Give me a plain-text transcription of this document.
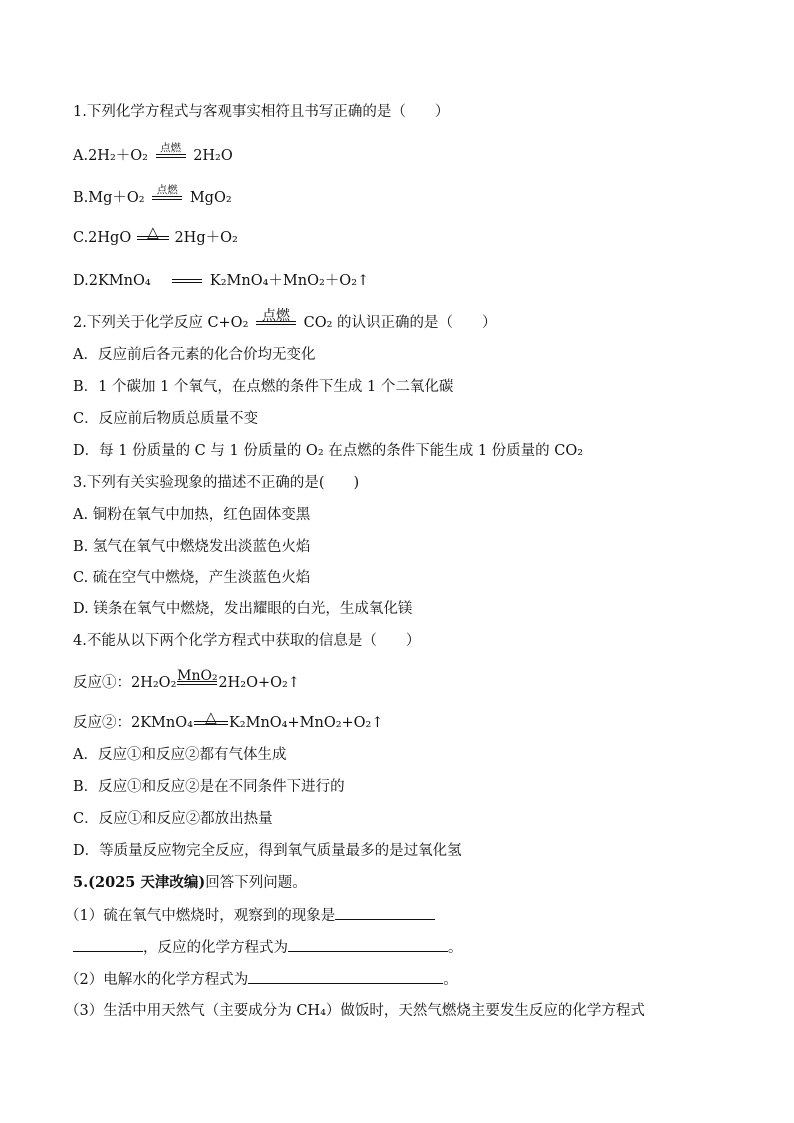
1.下列化学方程式与客观事实相符且书写正确的是（　　）
A.2H₂＋O₂	点燃 2H₂O
B.Mg＋O₂	点燃 MgO₂
C.2HgO	△	2Hg＋O₂
D.2KMnO₄	K₂MnO₄＋MnO₂＋O₂↑
2.下列关于化学反应 C+O₂ 点燃 CO₂ 的认识正确的是（　　）
A．反应前后各元素的化合价均无变化
B．1 个碳加 1 个氧气，在点燃的条件下生成 1 个二氧化碳
C．反应前后物质总质量不变
D．每 1 份质量的 C 与 1 份质量的 O₂ 在点燃的条件下能生成 1 份质量的 CO₂
3.下列有关实验现象的描述不正确的是(　　)
A. 铜粉在氧气中加热，红色固体变黑
B. 氢气在氧气中燃烧发出淡蓝色火焰
C. 硫在空气中燃烧，产生淡蓝色火焰
D. 镁条在氧气中燃烧，发出耀眼的白光，生成氧化镁
4.不能从以下两个化学方程式中获取的信息是（　　）
反应①：2H₂O₂ MnO₂ 2H₂O+O₂↑
反应②：2KMnO₄ △ K₂MnO₄+MnO₂+O₂↑
A．反应①和反应②都有气体生成
B．反应①和反应②是在不同条件下进行的
C．反应①和反应②都放出热量
D．等质量反应物完全反应，得到氧气质量最多的是过氧化氢
5.(2025 天津改编)回答下列问题。
（1）硫在氧气中燃烧时，观察到的现象是
，反应的化学方程式为	。
（2）电解水的化学方程式为	。
（3）生活中用天然气（主要成分为 CH₄）做饭时，天然气燃烧主要发生反应的化学方程式
